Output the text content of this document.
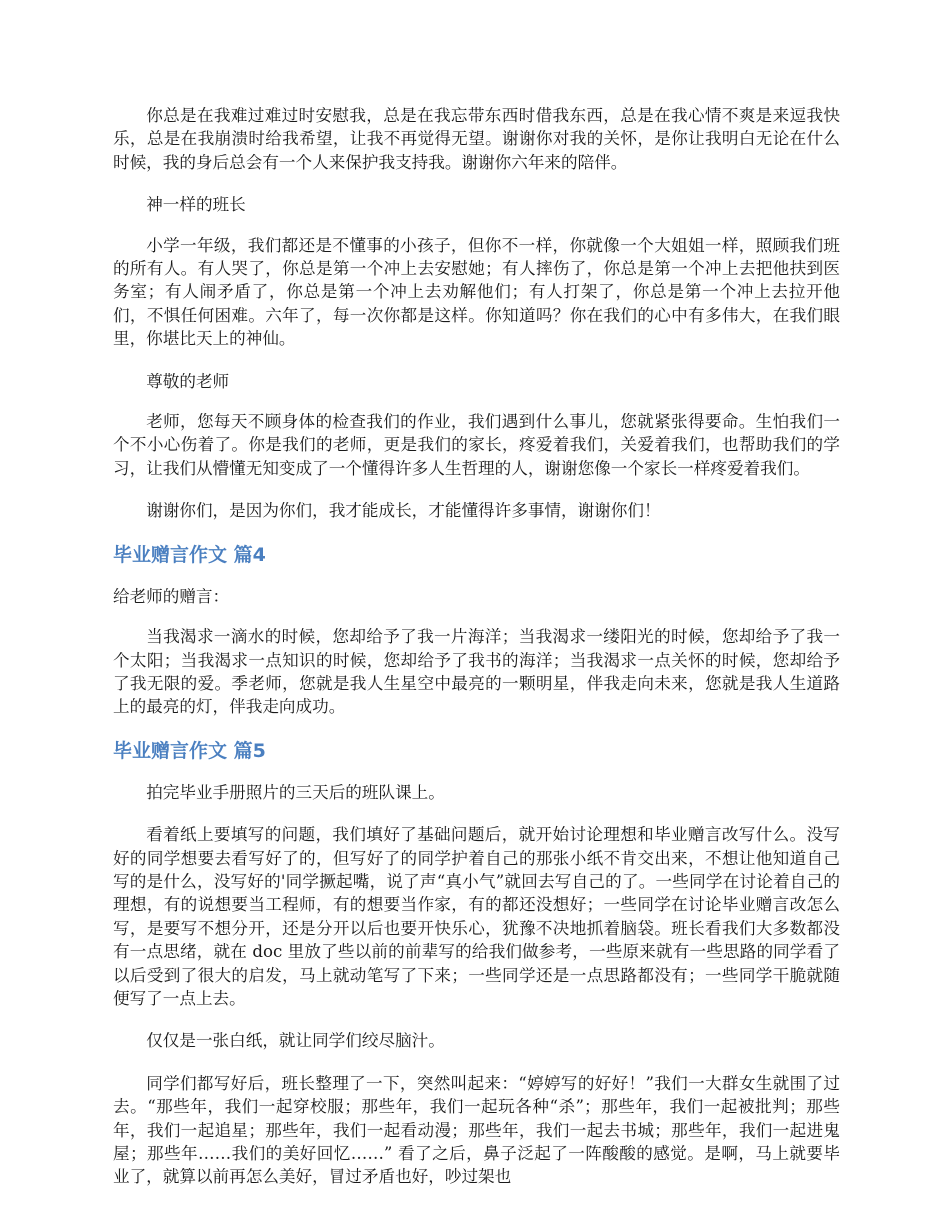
你总是在我难过难过时安慰我，总是在我忘带东西时借我东西，总是在我心情不爽是来逗我快乐，总是在我崩溃时给我希望，让我不再觉得无望。谢谢你对我的关怀，是你让我明白无论在什么时候，我的身后总会有一个人来保护我支持我。谢谢你六年来的陪伴。

神一样的班长

小学一年级，我们都还是不懂事的小孩子，但你不一样，你就像一个大姐姐一样，照顾我们班的所有人。有人哭了，你总是第一个冲上去安慰她；有人摔伤了，你总是第一个冲上去把他扶到医务室；有人闹矛盾了，你总是第一个冲上去劝解他们；有人打架了，你总是第一个冲上去拉开他们，不惧任何困难。六年了，每一次你都是这样。你知道吗？你在我们的心中有多伟大，在我们眼里，你堪比天上的神仙。

尊敬的老师

老师，您每天不顾身体的检查我们的作业，我们遇到什么事儿，您就紧张得要命。生怕我们一个不小心伤着了。你是我们的老师，更是我们的家长，疼爱着我们，关爱着我们，也帮助我们的学习，让我们从懵懂无知变成了一个懂得许多人生哲理的人，谢谢您像一个家长一样疼爱着我们。

谢谢你们，是因为你们，我才能成长，才能懂得许多事情，谢谢你们！

毕业赠言作文 篇4

给老师的赠言：

当我渴求一滴水的时候，您却给予了我一片海洋；当我渴求一缕阳光的时候，您却给予了我一个太阳；当我渴求一点知识的时候，您却给予了我书的海洋；当我渴求一点关怀的时候，您却给予了我无限的爱。季老师，您就是我人生星空中最亮的一颗明星，伴我走向未来，您就是我人生道路上的最亮的灯，伴我走向成功。

毕业赠言作文 篇5

拍完毕业手册照片的三天后的班队课上。

看着纸上要填写的问题，我们填好了基础问题后，就开始讨论理想和毕业赠言改写什么。没写好的同学想要去看写好了的，但写好了的同学护着自己的那张小纸不肯交出来，不想让他知道自己写的是什么，没写好的'同学撅起嘴，说了声“真小气”就回去写自己的了。一些同学在讨论着自己的理想，有的说想要当工程师，有的想要当作家，有的都还没想好；一些同学在讨论毕业赠言改怎么写，是要写不想分开，还是分开以后也要开快乐心，犹豫不决地抓着脑袋。班长看我们大多数都没有一点思绪，就在 doc 里放了些以前的前辈写的给我们做参考，一些原来就有一些思路的同学看了以后受到了很大的启发，马上就动笔写了下来；一些同学还是一点思路都没有；一些同学干脆就随便写了一点上去。

仅仅是一张白纸，就让同学们绞尽脑汁。

同学们都写好后，班长整理了一下，突然叫起来：“婷婷写的好好！”我们一大群女生就围了过去。“那些年，我们一起穿校服；那些年，我们一起玩各种“杀”；那些年，我们一起被批判；那些年，我们一起追星；那些年，我们一起看动漫；那些年，我们一起去书城；那些年，我们一起进鬼屋；那些年……我们的美好回忆……” 看了之后，鼻子泛起了一阵酸酸的感觉。是啊，马上就要毕业了，就算以前再怎么美好，冒过矛盾也好，吵过架也
